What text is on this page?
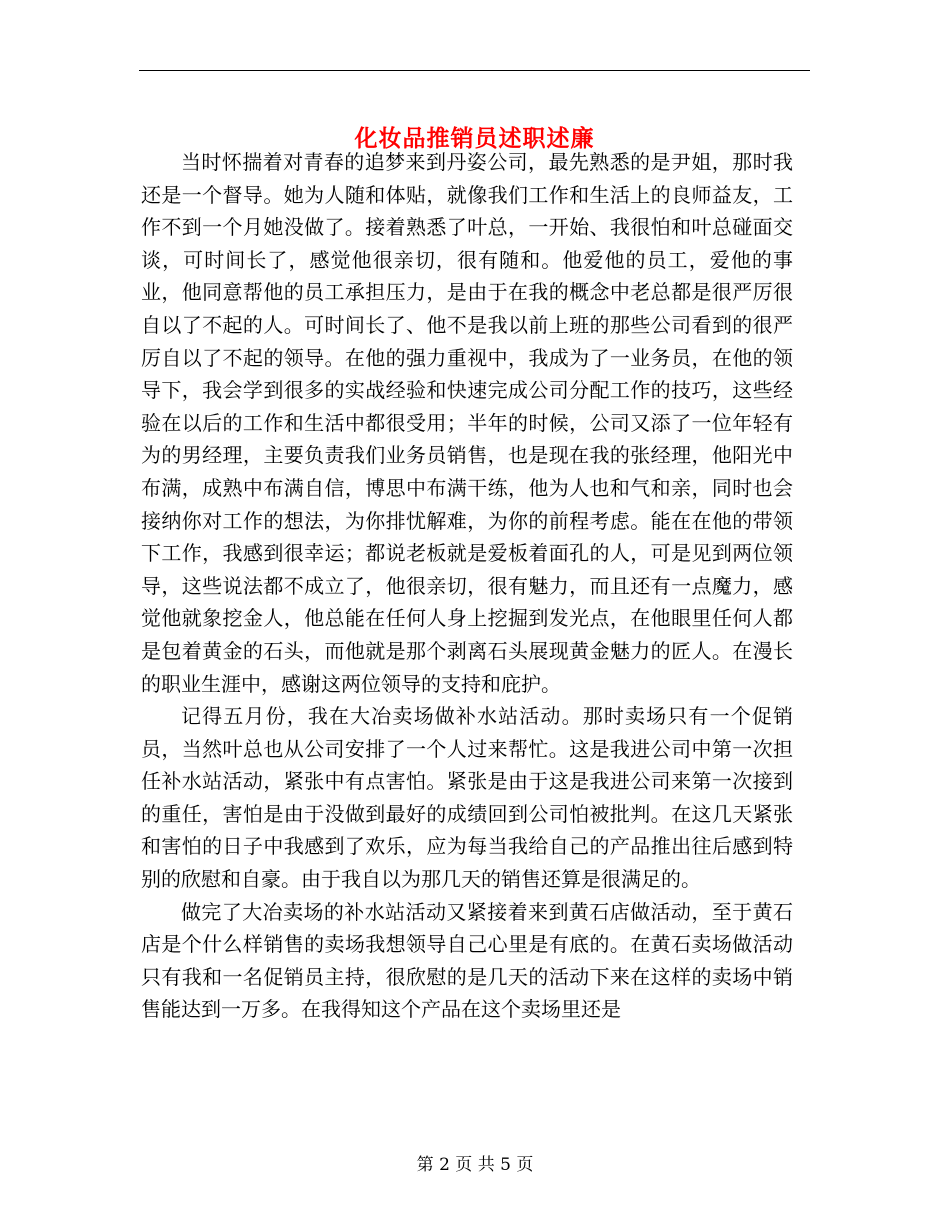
化妆品推销员述职述廉

当时怀揣着对青春的追梦来到丹姿公司，最先熟悉的是尹姐，那时我还是一个督导。她为人随和体贴，就像我们工作和生活上的良师益友，工作不到一个月她没做了。接着熟悉了叶总，一开始、我很怕和叶总碰面交谈，可时间长了，感觉他很亲切，很有随和。他爱他的员工，爱他的事业，他同意帮他的员工承担压力，是由于在我的概念中老总都是很严厉很自以了不起的人。可时间长了、他不是我以前上班的那些公司看到的很严厉自以了不起的领导。在他的强力重视中，我成为了一业务员，在他的领导下，我会学到很多的实战经验和快速完成公司分配工作的技巧，这些经验在以后的工作和生活中都很受用；半年的时候，公司又添了一位年轻有为的男经理，主要负责我们业务员销售，也是现在我的张经理，他阳光中布满，成熟中布满自信，博思中布满干练，他为人也和气和亲，同时也会接纳你对工作的想法，为你排忧解难，为你的前程考虑。能在在他的带领下工作，我感到很幸运；都说老板就是爱板着面孔的人，可是见到两位领导，这些说法都不成立了，他很亲切，很有魅力，而且还有一点魔力，感觉他就象挖金人，他总能在任何人身上挖掘到发光点，在他眼里任何人都是包着黄金的石头，而他就是那个剥离石头展现黄金魅力的匠人。在漫长的职业生涯中，感谢这两位领导的支持和庇护。

记得五月份，我在大冶卖场做补水站活动。那时卖场只有一个促销员，当然叶总也从公司安排了一个人过来帮忙。这是我进公司中第一次担任补水站活动，紧张中有点害怕。紧张是由于这是我进公司来第一次接到的重任，害怕是由于没做到最好的成绩回到公司怕被批判。在这几天紧张和害怕的日子中我感到了欢乐，应为每当我给自己的产品推出往后感到特别的欣慰和自豪。由于我自以为那几天的销售还算是很满足的。

做完了大冶卖场的补水站活动又紧接着来到黄石店做活动，至于黄石店是个什么样销售的卖场我想领导自己心里是有底的。在黄石卖场做活动只有我和一名促销员主持，很欣慰的是几天的活动下来在这样的卖场中销售能达到一万多。在我得知这个产品在这个卖场里还是

第 2 页 共 5 页
